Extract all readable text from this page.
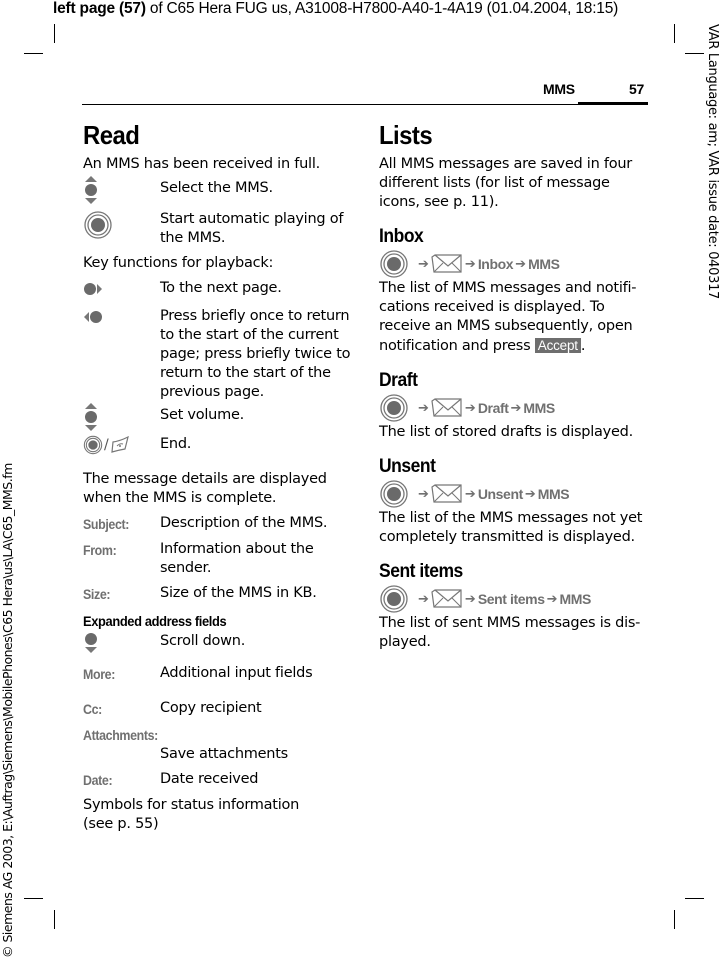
left page (57) of C65 Hera FUG us, A31008-H7800-A40-1-4A19 (01.04.2004, 18:15)
VAR Language: am; VAR issue date: 040317
© Siemens AG 2003, E:\Auftrag\Siemens\MobilePhones\C65 Hera\us\LA\C65_MMS.fm
MMS	57
Read
An MMS has been received in full.
Select the MMS.
Start automatic playing of the MMS.
Key functions for playback:
To the next page.
Press briefly once to return to the start of the current page; press briefly twice to return to the start of the previous page.
Set volume.
/	End.
The message details are displayed when the MMS is complete.
Subject:	Description of the MMS.
From:	Information about the sender.
Size:	Size of the MMS in KB.
Expanded address fields
Scroll down.
More:	Additional input fields
Cc:	Copy recipient
Attachments:
Save attachments
Date:	Date received
Symbols for status information (see p. 55)
Lists
All MMS messages are saved in four different lists (for list of message icons, see p. 11).
Inbox
➔	➔ Inbox ➔ MMS
The list of MMS messages and notifi-cations received is displayed. To receive an MMS subsequently, open notification and press Accept .
Draft
➔	➔ Draft ➔ MMS
The list of stored drafts is displayed.
Unsent
➔	➔ Unsent ➔ MMS
The list of the MMS messages not yet completely transmitted is displayed.
Sent items
➔	➔ Sent items ➔ MMS
The list of sent MMS messages is dis-played.
